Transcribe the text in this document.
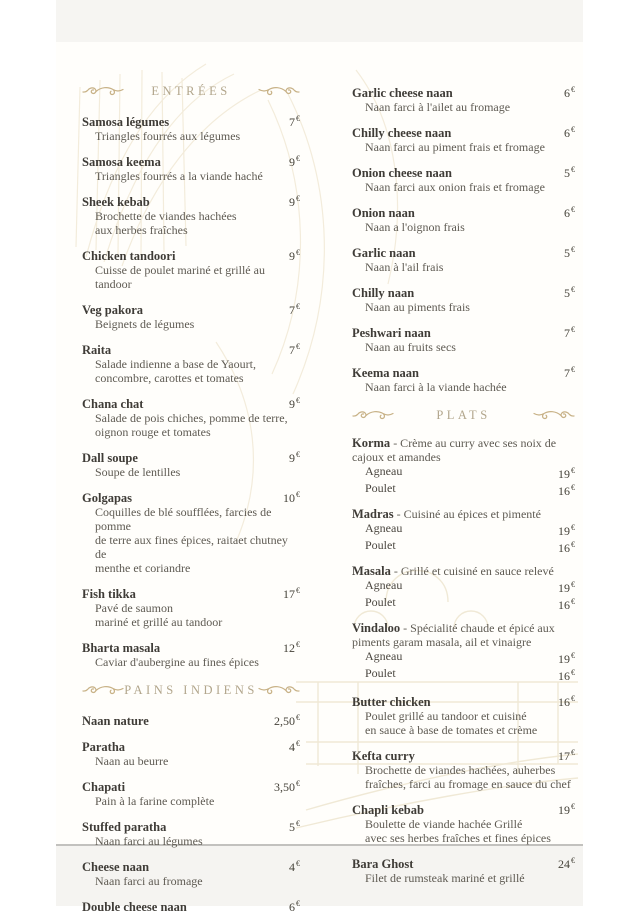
ENTRÉES
Samosa légumes	7€
Triangles fourrés aux légumes
Samosa keema	9€
Triangles fourrés a la viande haché
Sheek kebab	9€
Brochette de viandes hachées
aux herbes fraîches
Chicken tandoori	9€
Cuisse de poulet mariné et grillé au tandoor
Veg pakora	7€
Beignets de légumes
Raita	7€
Salade indienne a base de Yaourt,
concombre, carottes et tomates
Chana chat	9€
Salade de pois chiches, pomme de terre,
oignon rouge et tomates
Dall soupe	9€
Soupe de lentilles
Golgapas	10€
Coquilles de blé soufflées, farcies de pomme
de terre aux fines épices, raitaet chutney de
menthe et coriandre
Fish tikka	17€
Pavé de saumon
mariné et grillé au tandoor
Bharta masala	12€
Caviar d'aubergine au fines épices
PAINS INDIENS
Naan nature	2,50€
Paratha	4€
Naan au beurre
Chapati	3,50€
Pain à la farine complète
Stuffed paratha	5€
Naan farci au légumes
Cheese naan	4€
Naan farci au fromage
Double cheese naan	6€
Garlic cheese naan	6€
Naan farci à l'ailet au fromage
Chilly cheese naan	6€
Naan farci au piment frais et fromage
Onion cheese naan	5€
Naan farci aux onion frais et fromage
Onion naan	6€
Naan a l'oignon frais
Garlic naan	5€
Naan à l'ail frais
Chilly naan	5€
Naan au piments frais
Peshwari naan	7€
Naan au fruits secs
Keema naan	7€
Naan farci à la viande hachée
PLATS
Korma - Crème au curry avec ses noix de cajoux et amandes
Agneau	19€
Poulet	16€
Madras - Cuisiné au épices et pimenté
Agneau	19€
Poulet	16€
Masala - Grillé et cuisiné en sauce relevé
Agneau	19€
Poulet	16€
Vindaloo - Spécialité chaude et épicé aux piments garam masala, ail et vinaigre
Agneau	19€
Poulet	16€
Butter chicken	16€
Poulet grillé au tandoor et cuisiné
en sauce à base de tomates et crème
Kefta curry	17€
Brochette de viandes hachées, auherbes
fraîches, farci au fromage en sauce du chef
Chapli kebab	19€
Boulette de viande hachée Grillé
avec ses herbes fraîches et fines épices
Bara Ghost	24€
Filet de rumsteak mariné et grillé
